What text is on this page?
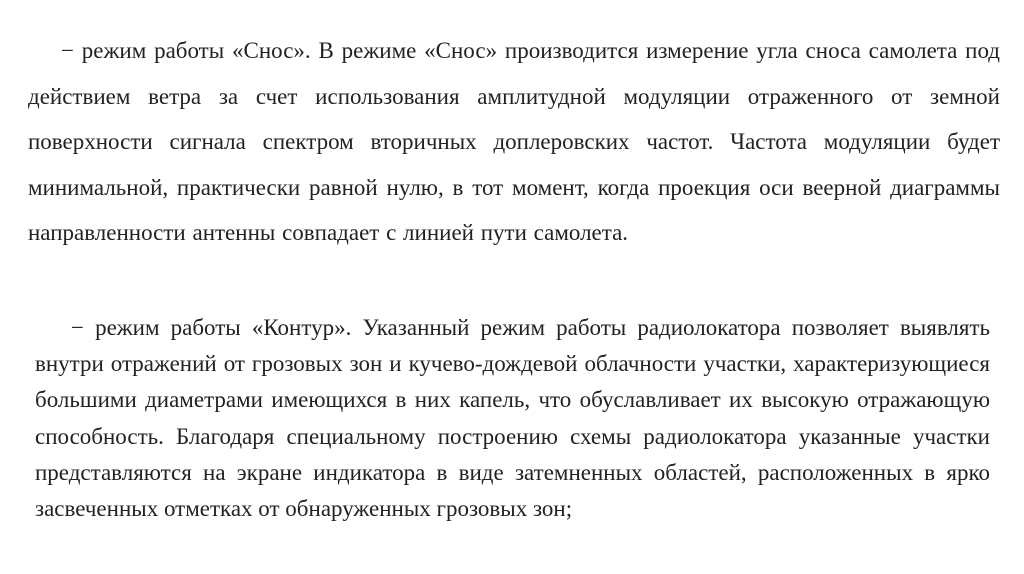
− режим работы «Снос». В режиме «Снос» производится измерение угла сноса самолета под действием ветра за счет использования амплитудной модуляции отраженного от земной поверхности сигнала спектром вторичных доплеровских частот. Частота модуляции будет минимальной, практически равной нулю, в тот момент, когда проекция оси веерной диаграммы направленности антенны совпадает с линией пути самолета.

− режим работы «Контур». Указанный режим работы радиолокатора позволяет выявлять внутри отражений от грозовых зон и кучево-дождевой облачности участки, характеризующиеся большими диаметрами имеющихся в них капель, что обуславливает их высокую отражающую способность. Благодаря специальному построению схемы радиолокатора указанные участки представляются на экране индикатора в виде затемненных областей, расположенных в ярко засвеченных отметках от обнаруженных грозовых зон;
